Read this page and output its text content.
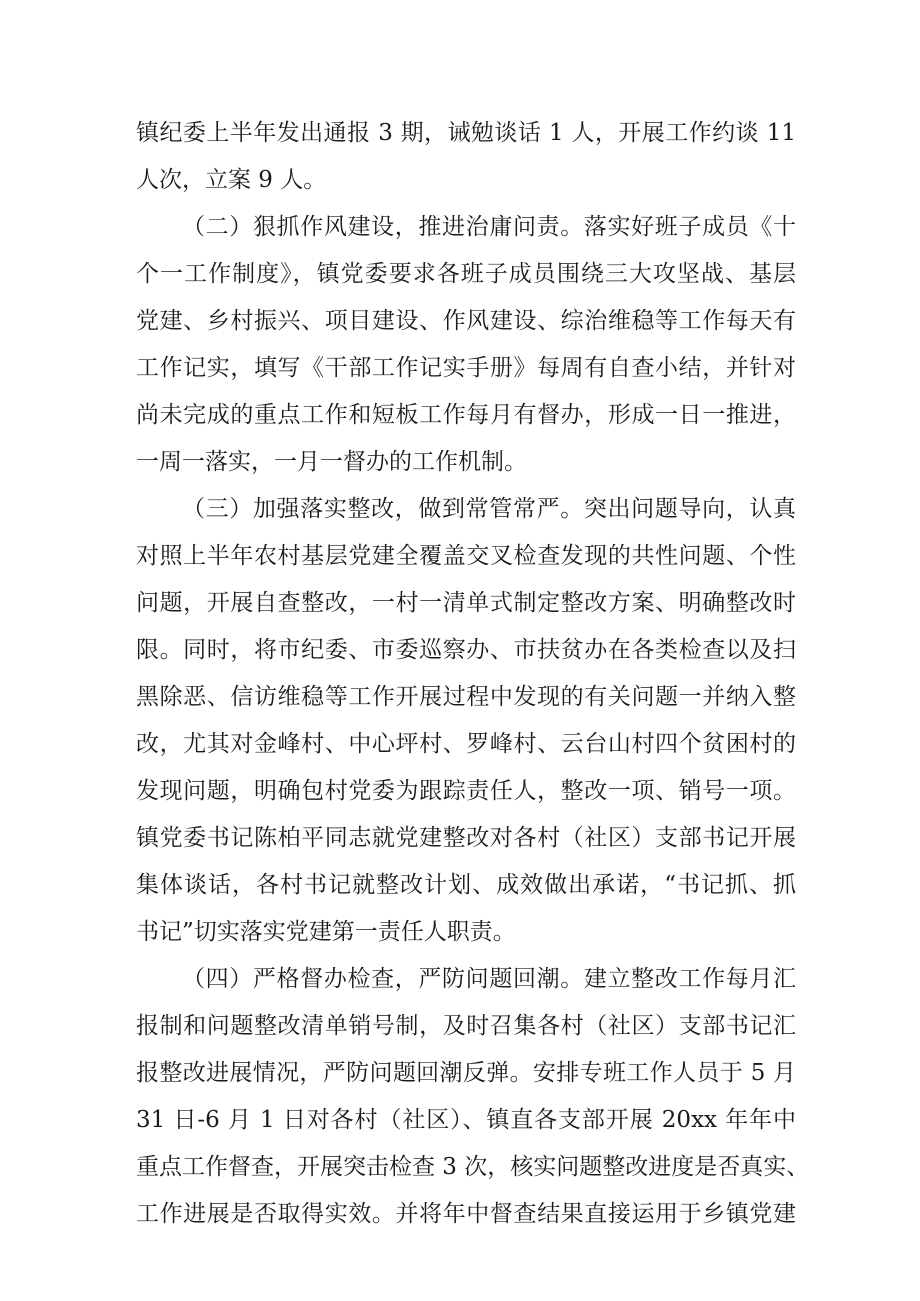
镇纪委上半年发出通报 3 期，诫勉谈话 1 人，开展工作约谈 11
人次，立案 9 人。
（二）狠抓作风建设，推进治庸问责。落实好班子成员《十
个一工作制度》，镇党委要求各班子成员围绕三大攻坚战、基层
党建、乡村振兴、项目建设、作风建设、综治维稳等工作每天有
工作记实，填写《干部工作记实手册》每周有自查小结，并针对
尚未完成的重点工作和短板工作每月有督办，形成一日一推进，
一周一落实，一月一督办的工作机制。
（三）加强落实整改，做到常管常严。突出问题导向，认真
对照上半年农村基层党建全覆盖交叉检查发现的共性问题、个性
问题，开展自查整改，一村一清单式制定整改方案、明确整改时
限。同时，将市纪委、市委巡察办、市扶贫办在各类检查以及扫
黑除恶、信访维稳等工作开展过程中发现的有关问题一并纳入整
改，尤其对金峰村、中心坪村、罗峰村、云台山村四个贫困村的
发现问题，明确包村党委为跟踪责任人，整改一项、销号一项。
镇党委书记陈柏平同志就党建整改对各村（社区）支部书记开展
集体谈话，各村书记就整改计划、成效做出承诺，“书记抓、抓
书记”切实落实党建第一责任人职责。
（四）严格督办检查，严防问题回潮。建立整改工作每月汇
报制和问题整改清单销号制，及时召集各村（社区）支部书记汇
报整改进展情况，严防问题回潮反弹。安排专班工作人员于 5 月
31 日-6 月 1 日对各村（社区）、镇直各支部开展 20xx 年年中
重点工作督查，开展突击检查 3 次，核实问题整改进度是否真实、
工作进展是否取得实效。并将年中督查结果直接运用于乡镇党建
